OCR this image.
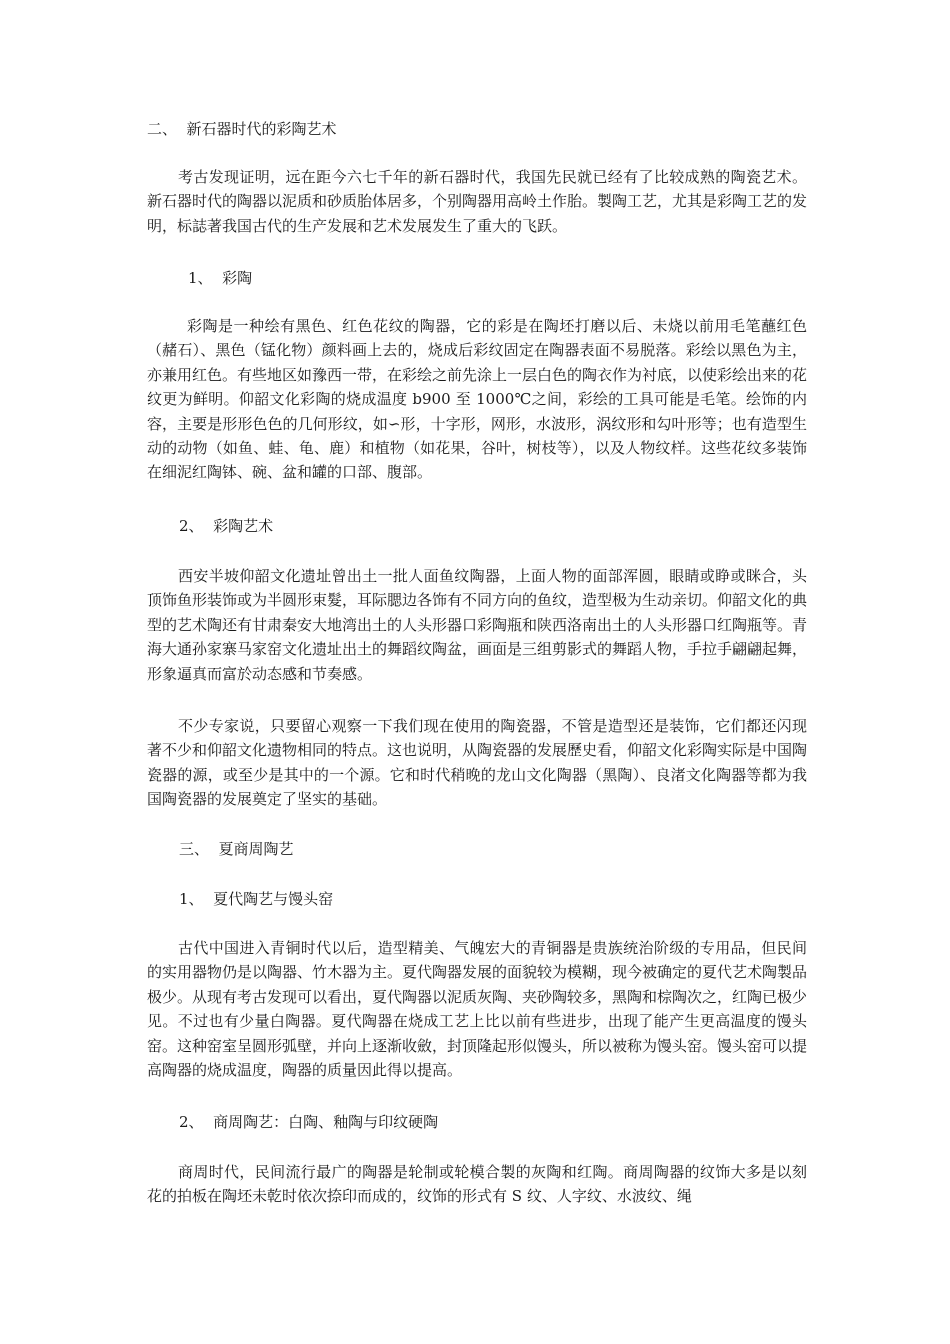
二、  新石器时代的彩陶艺术

考古发现证明，远在距今六七千年的新石器时代，我国先民就已经有了比较成熟的陶瓷艺术。新石器时代的陶器以泥质和砂质胎体居多，个别陶器用高岭土作胎。製陶工艺，尤其是彩陶工艺的发明，标誌著我国古代的生产发展和艺术发展发生了重大的飞跃。

1、  彩陶

彩陶是一种绘有黑色、红色花纹的陶器，它的彩是在陶坯打磨以后、未烧以前用毛笔蘸红色（赭石）、黑色（锰化物）颜料画上去的，烧成后彩纹固定在陶器表面不易脱落。彩绘以黑色为主，亦兼用红色。有些地区如豫西一带，在彩绘之前先涂上一层白色的陶衣作为衬底，以使彩绘出来的花纹更为鲜明。仰韶文化彩陶的烧成温度 b900 至 1000℃之间，彩绘的工具可能是毛笔。绘饰的内容，主要是形形色色的几何形纹，如∽形，十字形，网形，水波形，涡纹形和勾叶形等；也有造型生动的动物（如鱼、蛙、龟、鹿）和植物（如花果，谷叶，树枝等），以及人物纹样。这些花纹多装饰在细泥红陶钵、碗、盆和罐的口部、腹部。

2、  彩陶艺术

西安半坡仰韶文化遗址曾出土一批人面鱼纹陶器，上面人物的面部浑圆，眼睛或睁或眯合，头顶饰鱼形装饰或为半圆形束髮，耳际腮边各饰有不同方向的鱼纹，造型极为生动亲切。仰韶文化的典型的艺术陶还有甘肃秦安大地湾出土的人头形器口彩陶瓶和陕西洛南出土的人头形器口红陶瓶等。青海大通孙家寨马家窑文化遗址出土的舞蹈纹陶盆，画面是三组剪影式的舞蹈人物，手拉手翩翩起舞，形象逼真而富於动态感和节奏感。

不少专家说，只要留心观察一下我们现在使用的陶瓷器，不管是造型还是装饰，它们都还闪现著不少和仰韶文化遗物相同的特点。这也说明，从陶瓷器的发展歷史看，仰韶文化彩陶实际是中国陶瓷器的源，或至少是其中的一个源。它和时代稍晚的龙山文化陶器（黑陶）、良渚文化陶器等都为我国陶瓷器的发展奠定了坚实的基础。

三、  夏商周陶艺

1、  夏代陶艺与馒头窑

古代中国进入青铜时代以后，造型精美、气魄宏大的青铜器是贵族统治阶级的专用品，但民间的实用器物仍是以陶器、竹木器为主。夏代陶器发展的面貌较为模糊，现今被确定的夏代艺术陶製品极少。从现有考古发现可以看出，夏代陶器以泥质灰陶、夹砂陶较多，黑陶和棕陶次之，红陶已极少见。不过也有少量白陶器。夏代陶器在烧成工艺上比以前有些进步，出现了能产生更高温度的馒头窑。这种窑室呈圆形弧壁，并向上逐渐收斂，封顶隆起形似馒头，所以被称为馒头窑。馒头窑可以提高陶器的烧成温度，陶器的质量因此得以提高。

2、  商周陶艺：白陶、釉陶与印纹硬陶

商周时代，民间流行最广的陶器是轮制或轮模合製的灰陶和红陶。商周陶器的纹饰大多是以刻花的拍板在陶坯未乾时依次捺印而成的，纹饰的形式有 S 纹、人字纹、水波纹、绳
